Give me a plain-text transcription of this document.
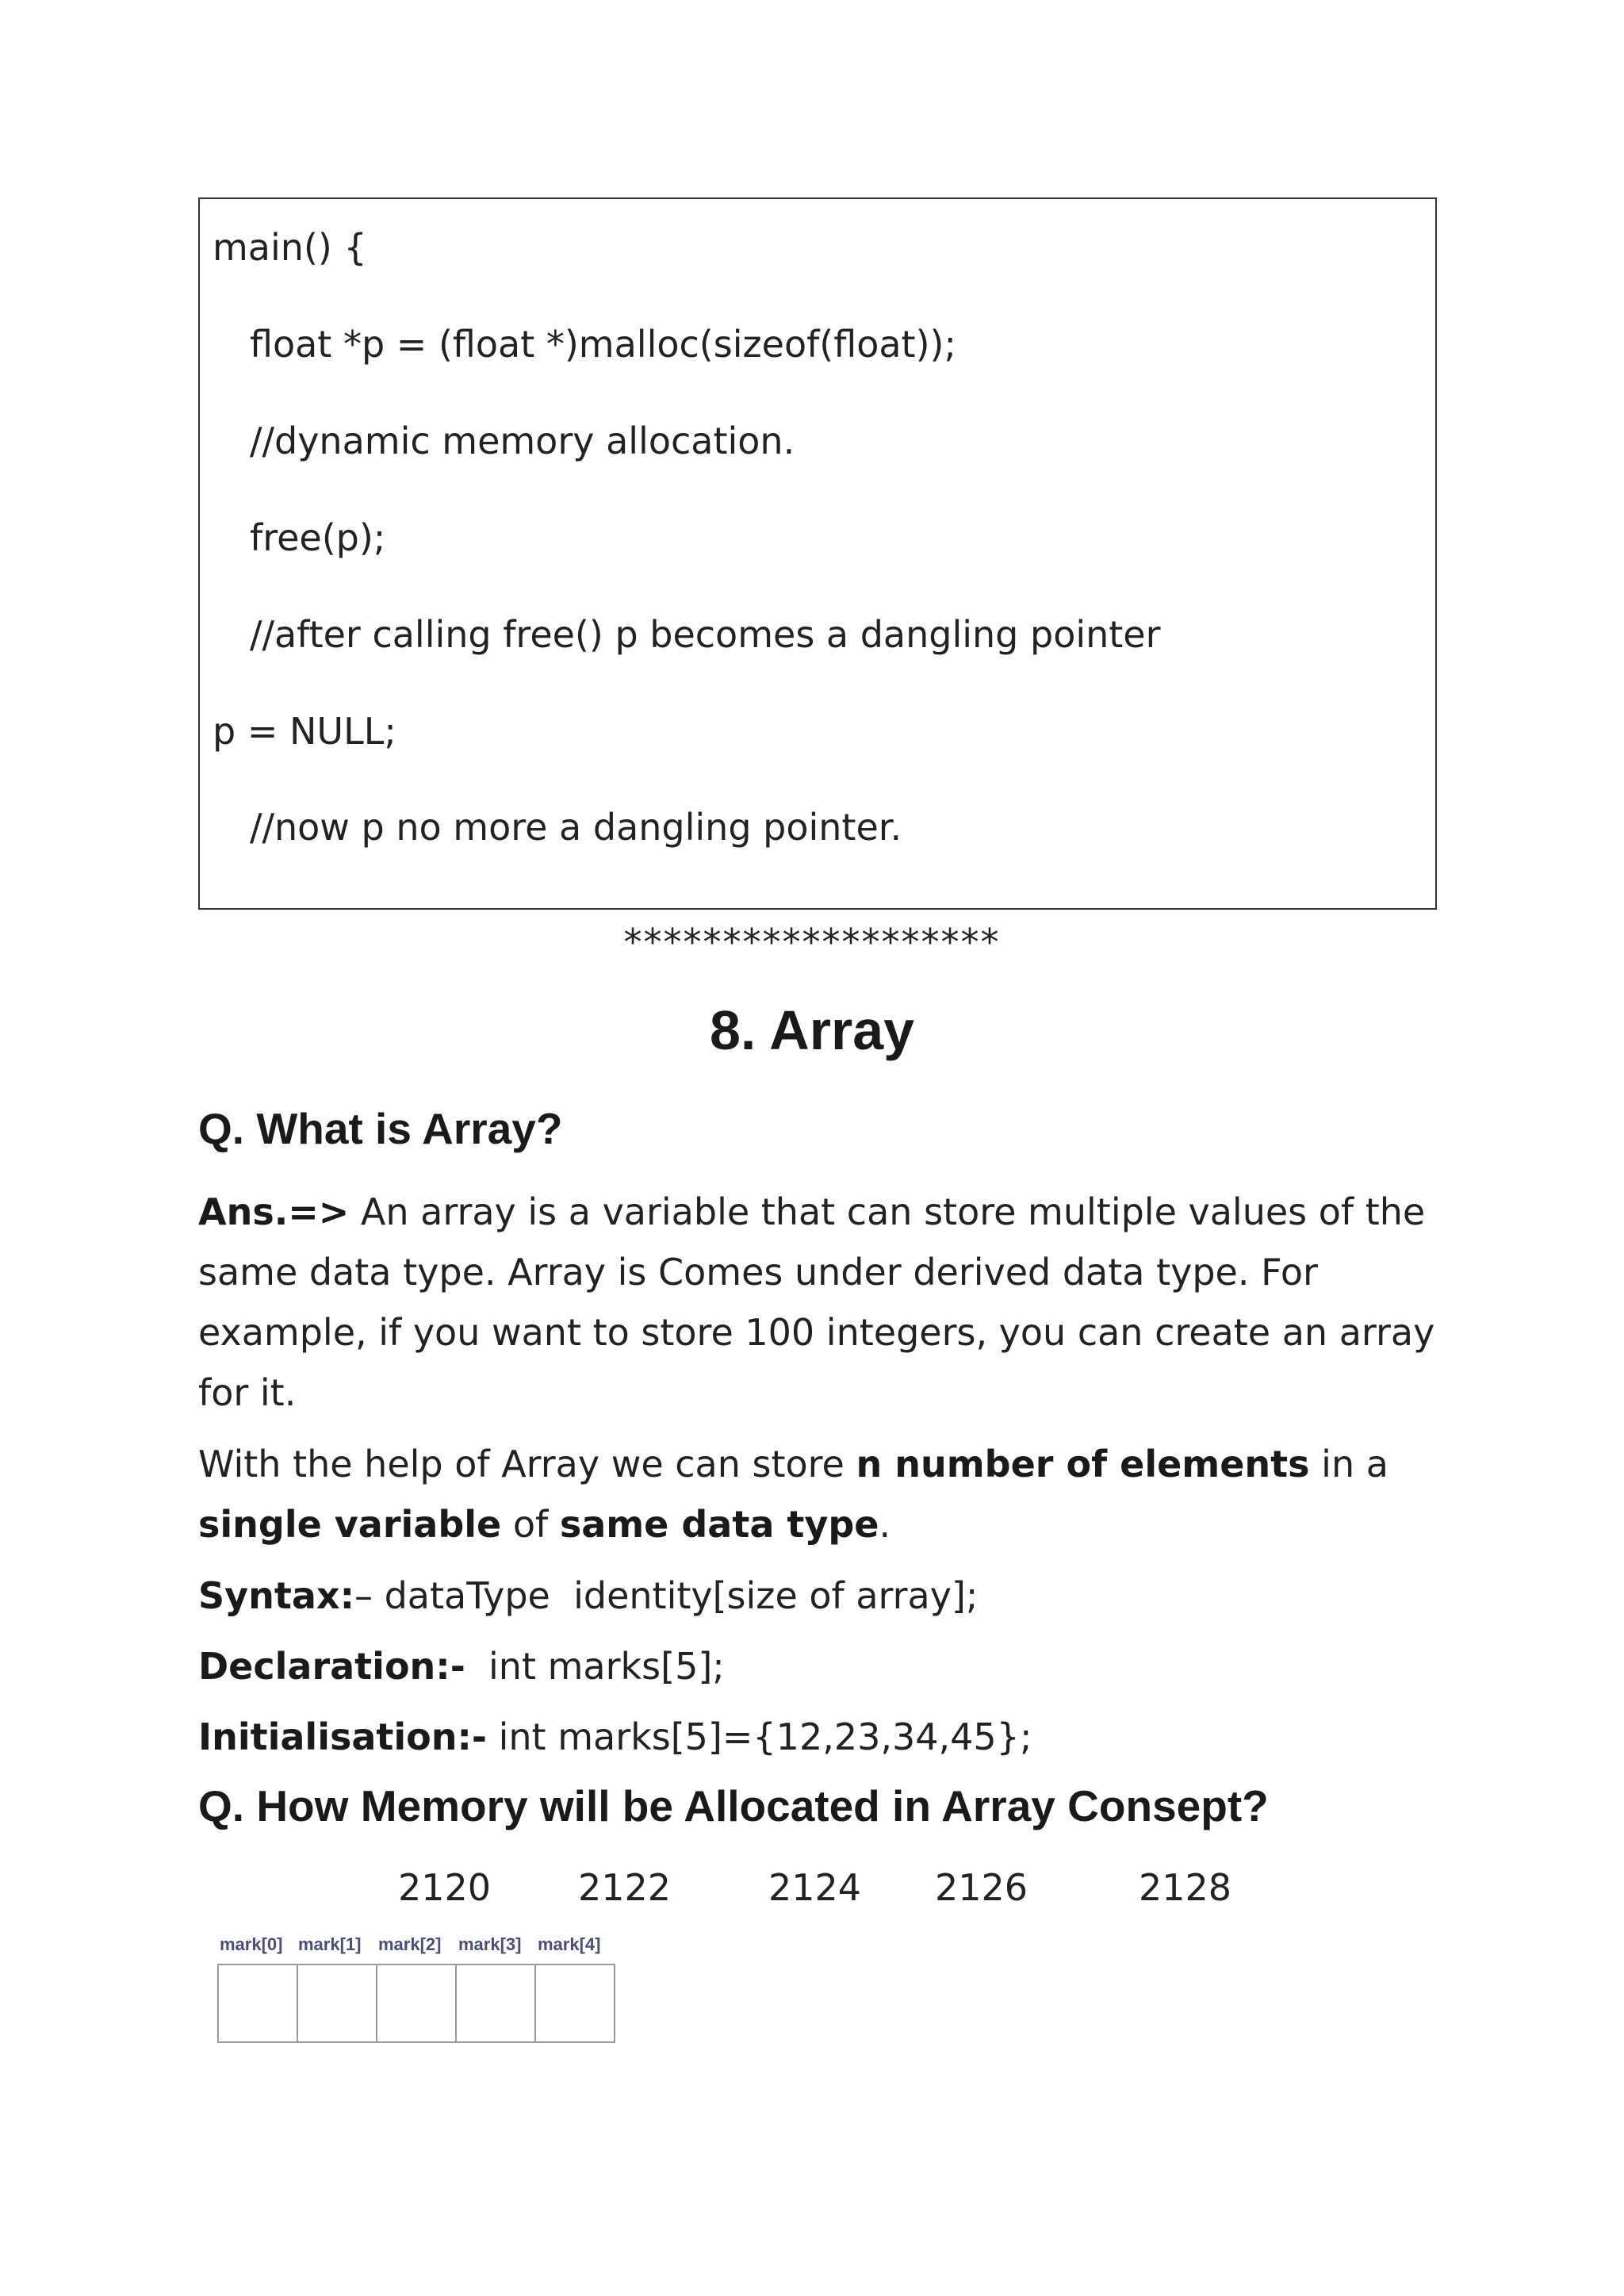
main() {
float *p = (float *)malloc(sizeof(float));
//dynamic memory allocation.
free(p);
//after calling free() p becomes a dangling pointer
p = NULL;
//now p no more a dangling pointer.
*******************
8. Array
Q. What is Array?
Ans.=> An array is a variable that can store multiple values of the same data type. Array is Comes under derived data type. For example, if you want to store 100 integers, you can create an array for it.
With the help of Array we can store n number of elements in a single variable of same data type.
Syntax:– dataType  identity[size of array];
Declaration:-  int marks[5];
Initialisation:- int marks[5]={12,23,34,45};
Q. How Memory will be Allocated in Array Consept?
2120 2122	2124 2126	2128
mark[0] mark[1] mark[2] mark[3] mark[4]
